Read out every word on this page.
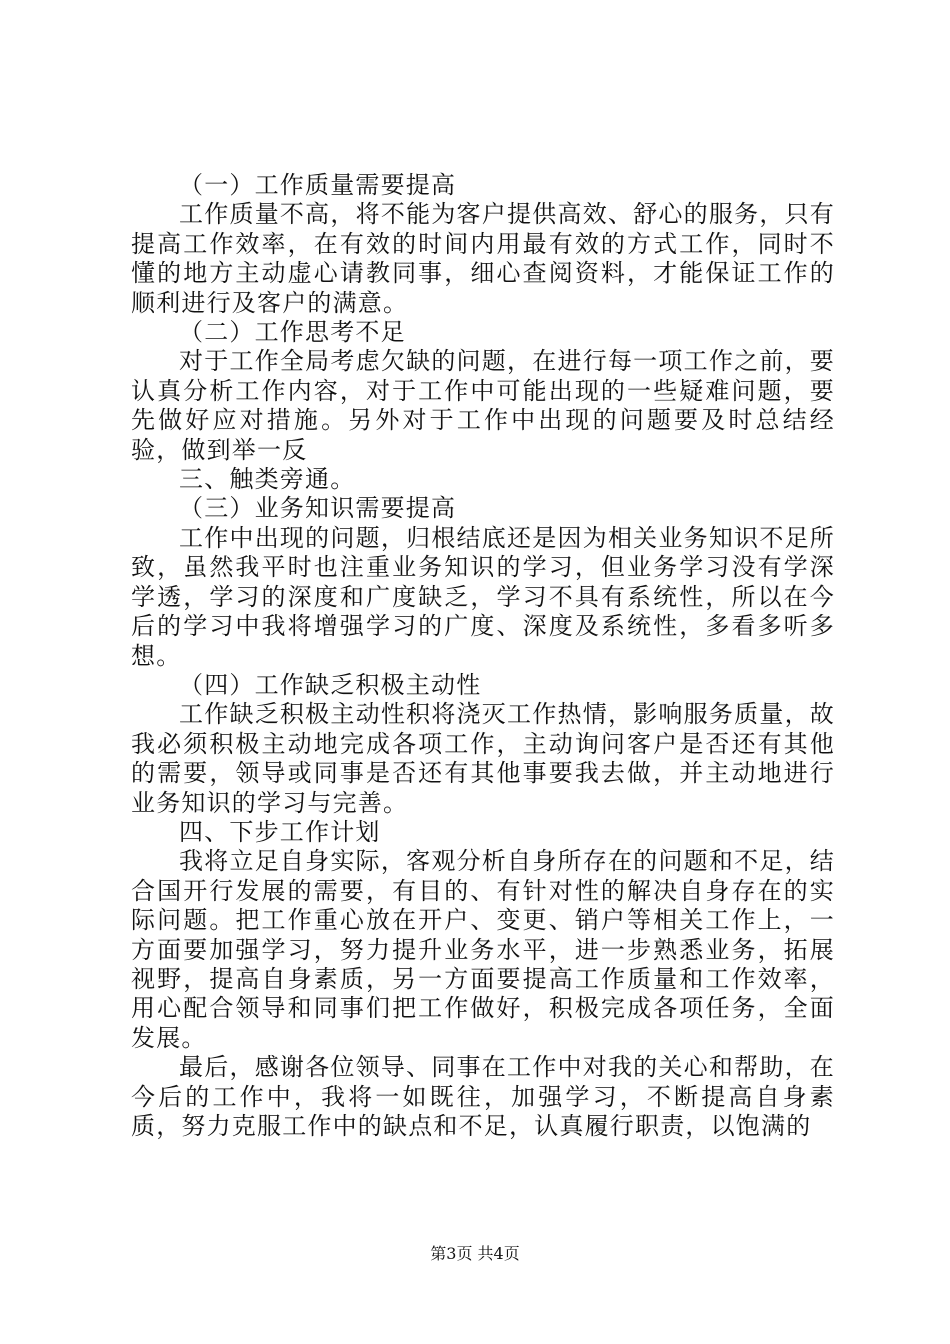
（一）工作质量需要提高

工作质量不高，将不能为客户提供高效、舒心的服务，只有提高工作效率，在有效的时间内用最有效的方式工作，同时不懂的地方主动虚心请教同事，细心查阅资料，才能保证工作的顺利进行及客户的满意。

（二）工作思考不足

对于工作全局考虑欠缺的问题，在进行每一项工作之前，要认真分析工作内容，对于工作中可能出现的一些疑难问题，要先做好应对措施。另外对于工作中出现的问题要及时总结经验，做到举一反

三、触类旁通。

（三）业务知识需要提高

工作中出现的问题，归根结底还是因为相关业务知识不足所致，虽然我平时也注重业务知识的学习，但业务学习没有学深学透，学习的深度和广度缺乏，学习不具有系统性，所以在今后的学习中我将增强学习的广度、深度及系统性，多看多听多想。

（四）工作缺乏积极主动性

工作缺乏积极主动性积将浇灭工作热情，影响服务质量，故我必须积极主动地完成各项工作，主动询问客户是否还有其他的需要，领导或同事是否还有其他事要我去做，并主动地进行业务知识的学习与完善。

四、下步工作计划

我将立足自身实际，客观分析自身所存在的问题和不足，结合国开行发展的需要，有目的、有针对性的解决自身存在的实际问题。把工作重心放在开户、变更、销户等相关工作上，一方面要加强学习，努力提升业务水平，进一步熟悉业务，拓展视野，提高自身素质，另一方面要提高工作质量和工作效率，用心配合领导和同事们把工作做好，积极完成各项任务，全面发展。

最后，感谢各位领导、同事在工作中对我的关心和帮助，在今后的工作中，我将一如既往，加强学习，不断提高自身素质，努力克服工作中的缺点和不足，认真履行职责，以饱满的

第3页 共4页
